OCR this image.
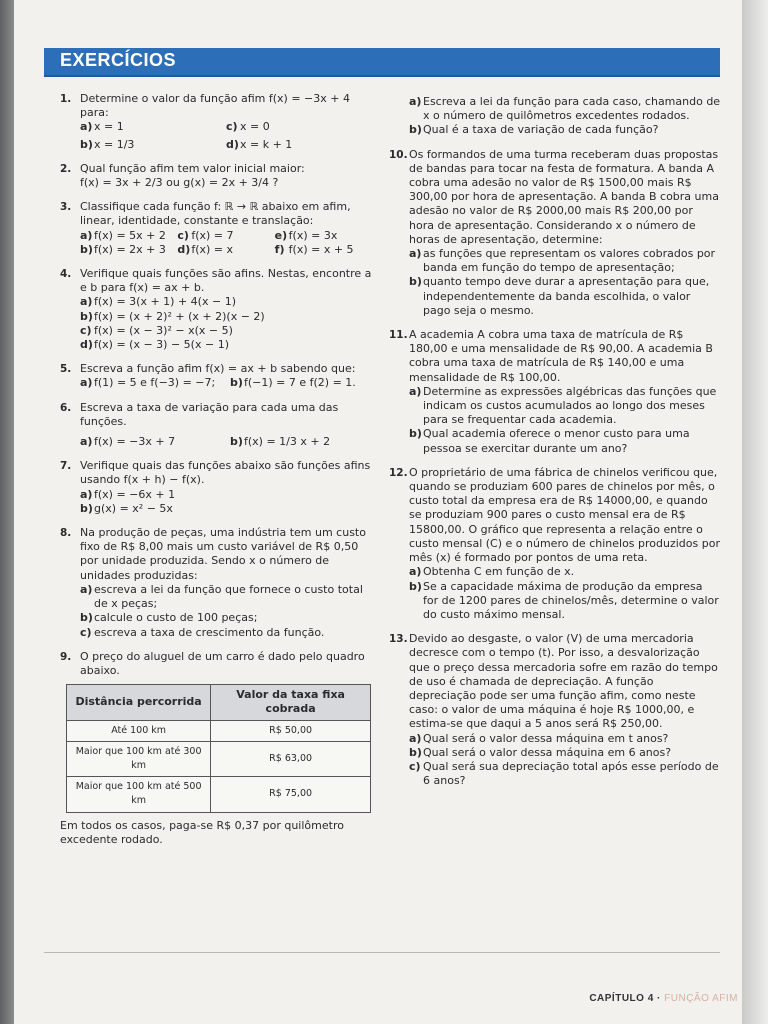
EXERCÍCIOS
1. Determine o valor da função afim f(x) = −3x + 4 para:
a) x = 1	c) x = 0
b) x = 1/3	d) x = k + 1
2. Qual função afim tem valor inicial maior:
f(x) = 3x + 2/3 ou g(x) = 2x + 3/4 ?
3. Classifique cada função f: ℝ → ℝ abaixo em afim, linear, identidade, constante e translação:
a) f(x) = 5x + 2	c) f(x) = 7	e) f(x) = 3x
b) f(x) = 2x + 3	d) f(x) = x	f) f(x) = x + 5
4. Verifique quais funções são afins. Nestas, encontre a e b para f(x) = ax + b.
a) f(x) = 3(x + 1) + 4(x − 1)
b) f(x) = (x + 2)² + (x + 2)(x − 2)
c) f(x) = (x − 3)² − x(x − 5)
d) f(x) = (x − 3) − 5(x − 1)
5. Escreva a função afim f(x) = ax + b sabendo que:
a) f(1) = 5 e f(−3) = −7;	b) f(−1) = 7 e f(2) = 1.
6. Escreva a taxa de variação para cada uma das funções.
a) f(x) = −3x + 7	b) f(x) = 1/3 x + 2
7. Verifique quais das funções abaixo são funções afins usando f(x + h) − f(x).
a) f(x) = −6x + 1
b) g(x) = x² − 5x
8. Na produção de peças, uma indústria tem um custo fixo de R$ 8,00 mais um custo variável de R$ 0,50 por unidade produzida. Sendo x o número de unidades produzidas:
a) escreva a lei da função que fornece o custo total de x peças;
b) calcule o custo de 100 peças;
c) escreva a taxa de crescimento da função.
9. O preço do aluguel de um carro é dado pelo quadro abaixo.
Distância percorrida	Valor da taxa fixa cobrada
Até 100 km	R$ 50,00
Maior que 100 km até 300 km	R$ 63,00
Maior que 100 km até 500 km	R$ 75,00
Em todos os casos, paga-se R$ 0,37 por quilômetro excedente rodado.
a) Escreva a lei da função para cada caso, chamando de x o número de quilômetros excedentes rodados.
b) Qual é a taxa de variação de cada função?
10. Os formandos de uma turma receberam duas propostas de bandas para tocar na festa de formatura. A banda A cobra uma adesão no valor de R$ 1500,00 mais R$ 300,00 por hora de apresentação. A banda B cobra uma adesão no valor de R$ 2000,00 mais R$ 200,00 por hora de apresentação. Considerando x o número de horas de apresentação, determine:
a) as funções que representam os valores cobrados por banda em função do tempo de apresentação;
b) quanto tempo deve durar a apresentação para que, independentemente da banda escolhida, o valor pago seja o mesmo.
11. A academia A cobra uma taxa de matrícula de R$ 180,00 e uma mensalidade de R$ 90,00. A academia B cobra uma taxa de matrícula de R$ 140,00 e uma mensalidade de R$ 100,00.
a) Determine as expressões algébricas das funções que indicam os custos acumulados ao longo dos meses para se frequentar cada academia.
b) Qual academia oferece o menor custo para uma pessoa se exercitar durante um ano?
12. O proprietário de uma fábrica de chinelos verificou que, quando se produziam 600 pares de chinelos por mês, o custo total da empresa era de R$ 14000,00, e quando se produziam 900 pares o custo mensal era de R$ 15800,00. O gráfico que representa a relação entre o custo mensal (C) e o número de chinelos produzidos por mês (x) é formado por pontos de uma reta.
a) Obtenha C em função de x.
b) Se a capacidade máxima de produção da empresa for de 1200 pares de chinelos/mês, determine o valor do custo máximo mensal.
13. Devido ao desgaste, o valor (V) de uma mercadoria decresce com o tempo (t). Por isso, a desvalorização que o preço dessa mercadoria sofre em razão do tempo de uso é chamada de depreciação. A função depreciação pode ser uma função afim, como neste caso: o valor de uma máquina é hoje R$ 1000,00, e estima-se que daqui a 5 anos será R$ 250,00.
a) Qual será o valor dessa máquina em t anos?
b) Qual será o valor dessa máquina em 6 anos?
c) Qual será sua depreciação total após esse período de 6 anos?
CAPÍTULO 4 · FUNÇÃO AFIM
